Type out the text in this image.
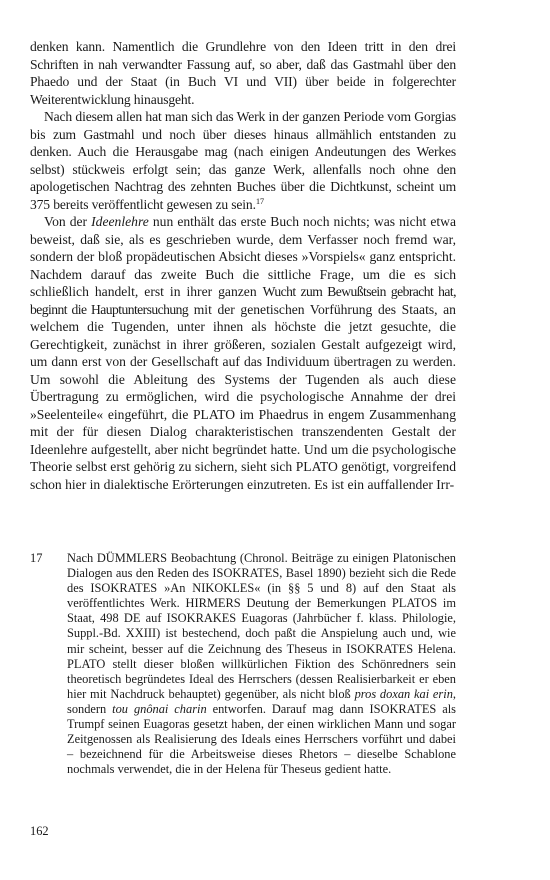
denken kann. Namentlich die Grundlehre von den Ideen tritt in den drei Schriften in nah verwandter Fassung auf, so aber, daß das Gastmahl über den Phaedo und der Staat (in Buch VI und VII) über beide in folgerechter Weiterentwicklung hinausgeht.

Nach diesem allen hat man sich das Werk in der ganzen Periode vom Gorgias bis zum Gastmahl und noch über dieses hinaus allmählich entstanden zu denken. Auch die Herausgabe mag (nach einigen Andeutungen des Werkes selbst) stückweis erfolgt sein; das ganze Werk, allenfalls noch ohne den apologetischen Nachtrag des zehnten Buches über die Dichtkunst, scheint um 375 bereits veröffentlicht gewesen zu sein.$^{17}$

Von der Ideenlehre nun enthält das erste Buch noch nichts; was nicht etwa beweist, daß sie, als es geschrieben wurde, dem Verfasser noch fremd war, sondern der bloß propädeutischen Absicht dieses »Vorspiels« ganz entspricht. Nachdem darauf das zweite Buch die sittliche Frage, um die es sich schließlich handelt, erst in ihrer ganzen Wucht zum Bewußtsein gebracht hat, beginnt die Hauptuntersuchung mit der genetischen Vorführung des Staats, an welchem die Tugenden, unter ihnen als höchste die jetzt gesuchte, die Gerechtigkeit, zunächst in ihrer größeren, sozialen Gestalt aufgezeigt wird, um dann erst von der Gesellschaft auf das Individuum übertragen zu werden. Um sowohl die Ableitung des Systems der Tugenden als auch diese Übertragung zu ermöglichen, wird die psychologische Annahme der drei »Seelenteile« eingeführt, die PLATO im Phaedrus in engem Zusammenhang mit der für diesen Dialog charakteristischen transzendenten Gestalt der Ideenlehre aufgestellt, aber nicht begründet hatte. Und um die psychologische Theorie selbst erst gehörig zu sichern, sieht sich PLATO genötigt, vorgreifend schon hier in dialektische Erörterungen einzutreten. Es ist ein auffallender Irr-

17 Nach DÜMMLERS Beobachtung (Chronol. Beiträge zu einigen Platonischen Dialogen aus den Reden des ISOKRATES, Basel 1890) bezieht sich die Rede des ISOKRATES »An NIKOKLES« (in §§ 5 und 8) auf den Staat als veröffentlichtes Werk. HIRMERS Deutung der Bemerkungen PLATOS im Staat, 498 DE auf ISOKRAKES Euagoras (Jahrbücher f. klass. Philologie, Suppl.-Bd. XXIII) ist bestechend, doch paßt die Anspielung auch und, wie mir scheint, besser auf die Zeichnung des Theseus in ISOKRATES Helena. PLATO stellt dieser bloßen willkürlichen Fiktion des Schönredners sein theoretisch begründetes Ideal des Herrschers (dessen Realisierbarkeit er eben hier mit Nachdruck behauptet) gegenüber, als nicht bloß pros doxan kai erin, sondern tou gnônai charin entworfen. Darauf mag dann ISOKRATES als Trumpf seinen Euagoras gesetzt haben, der einen wirklichen Mann und sogar Zeitgenossen als Realisierung des Ideals eines Herrschers vorführt und dabei – bezeichnend für die Arbeitsweise dieses Rhetors – dieselbe Schablone nochmals verwendet, die in der Helena für Theseus gedient hatte.
162
